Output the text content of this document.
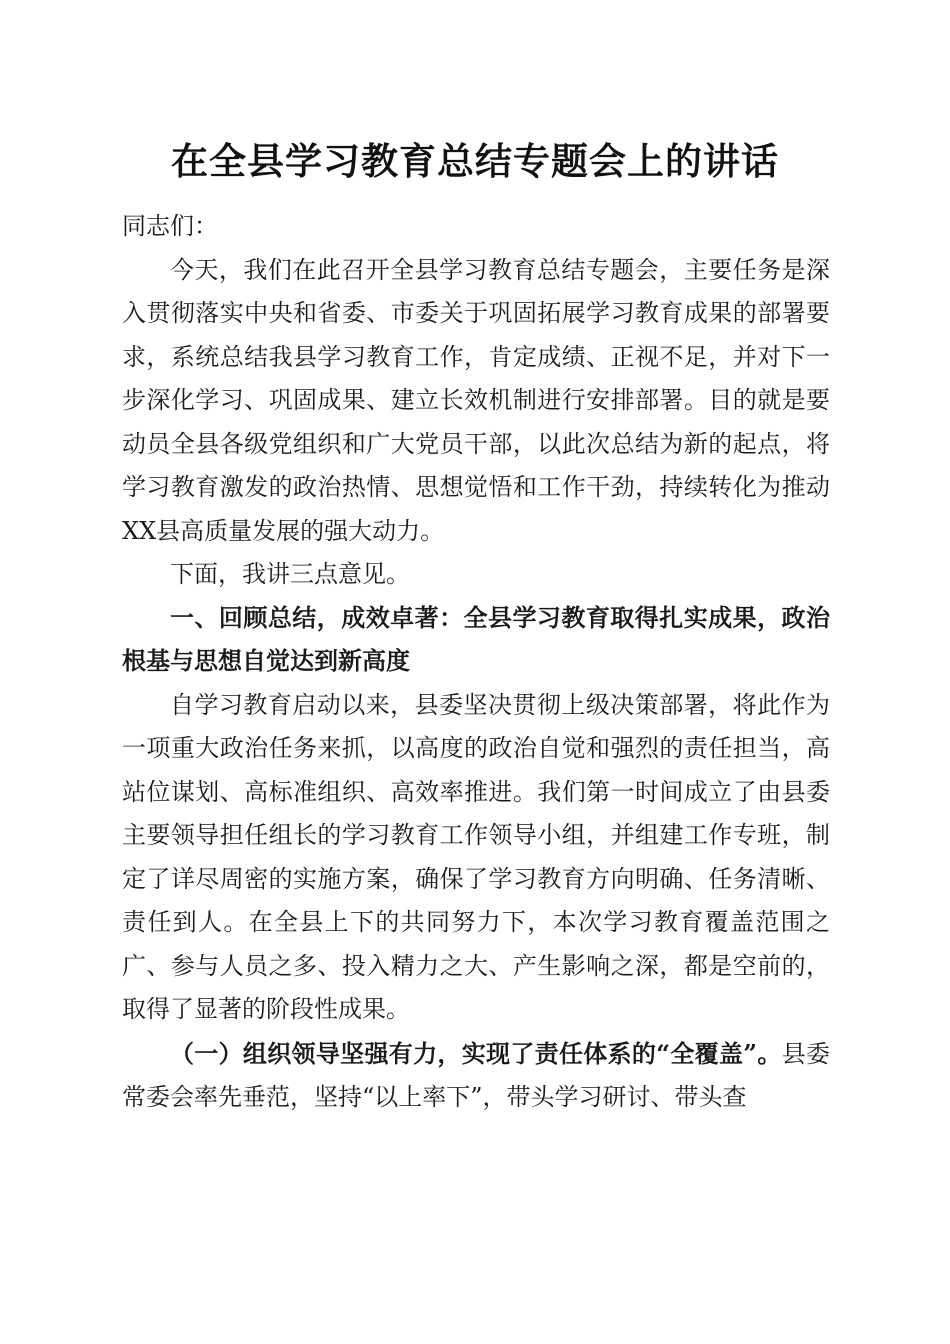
在全县学习教育总结专题会上的讲话

同志们：

今天，我们在此召开全县学习教育总结专题会，主要任务是深入贯彻落实中央和省委、市委关于巩固拓展学习教育成果的部署要求，系统总结我县学习教育工作，肯定成绩、正视不足，并对下一步深化学习、巩固成果、建立长效机制进行安排部署。目的就是要动员全县各级党组织和广大党员干部，以此次总结为新的起点，将学习教育激发的政治热情、思想觉悟和工作干劲，持续转化为推动XX县高质量发展的强大动力。

下面，我讲三点意见。

一、回顾总结，成效卓著：全县学习教育取得扎实成果，政治根基与思想自觉达到新高度

自学习教育启动以来，县委坚决贯彻上级决策部署，将此作为一项重大政治任务来抓，以高度的政治自觉和强烈的责任担当，高站位谋划、高标准组织、高效率推进。我们第一时间成立了由县委主要领导担任组长的学习教育工作领导小组，并组建工作专班，制定了详尽周密的实施方案，确保了学习教育方向明确、任务清晰、责任到人。在全县上下的共同努力下，本次学习教育覆盖范围之广、参与人员之多、投入精力之大、产生影响之深，都是空前的，取得了显著的阶段性成果。

（一）组织领导坚强有力，实现了责任体系的“全覆盖”。县委常委会率先垂范，坚持“以上率下”，带头学习研讨、带头查
